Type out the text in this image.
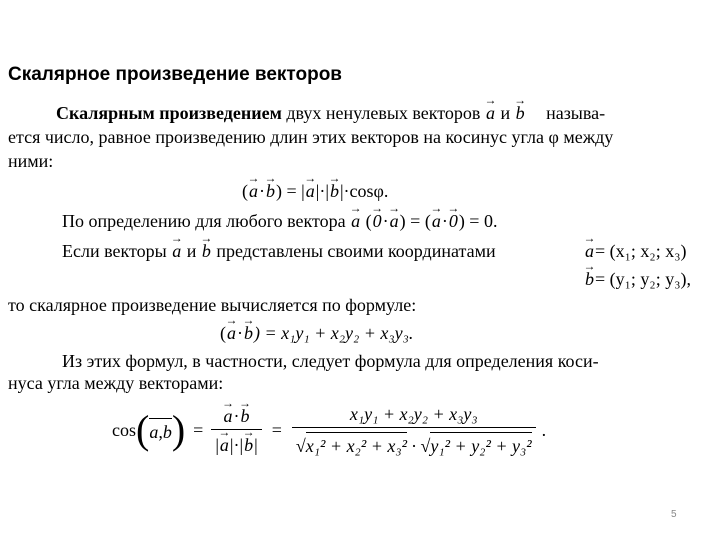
Скалярное произведение векторов
Скалярным произведением двух ненулевых векторов → a и → b называ-
ется число, равное произведению длин этих векторов на косинус угла φ между
ними:
(→ a·→ b) = |→ a|·|→ b|·cosφ.
По определению для любого вектора → a (→ 0·→ a) = (→ a·→ 0) = 0.
Если векторы → a и → b представлены своими координатами	→ a= (x₁; x₂; x₃)
→ b= (y₁; y₂; y₃),
то скалярное произведение вычисляется по формуле:
(→ a·→ b) = x₁y₁ + x₂y₂ + x₃y₃.
Из этих формул, в частности, следует формула для определения коси-
нуса угла между векторами:
cos ( a,b ) = → $\frac{a\cdot\to b}{|\to a|\cdot|\to b|} = \frac{\text{x₁y₁ + x₂y₂ + x₃y₃}}{\text{√x₁² + x₂² + x₃² · √y₁² + y₂² + y₃²}}$ .
5
